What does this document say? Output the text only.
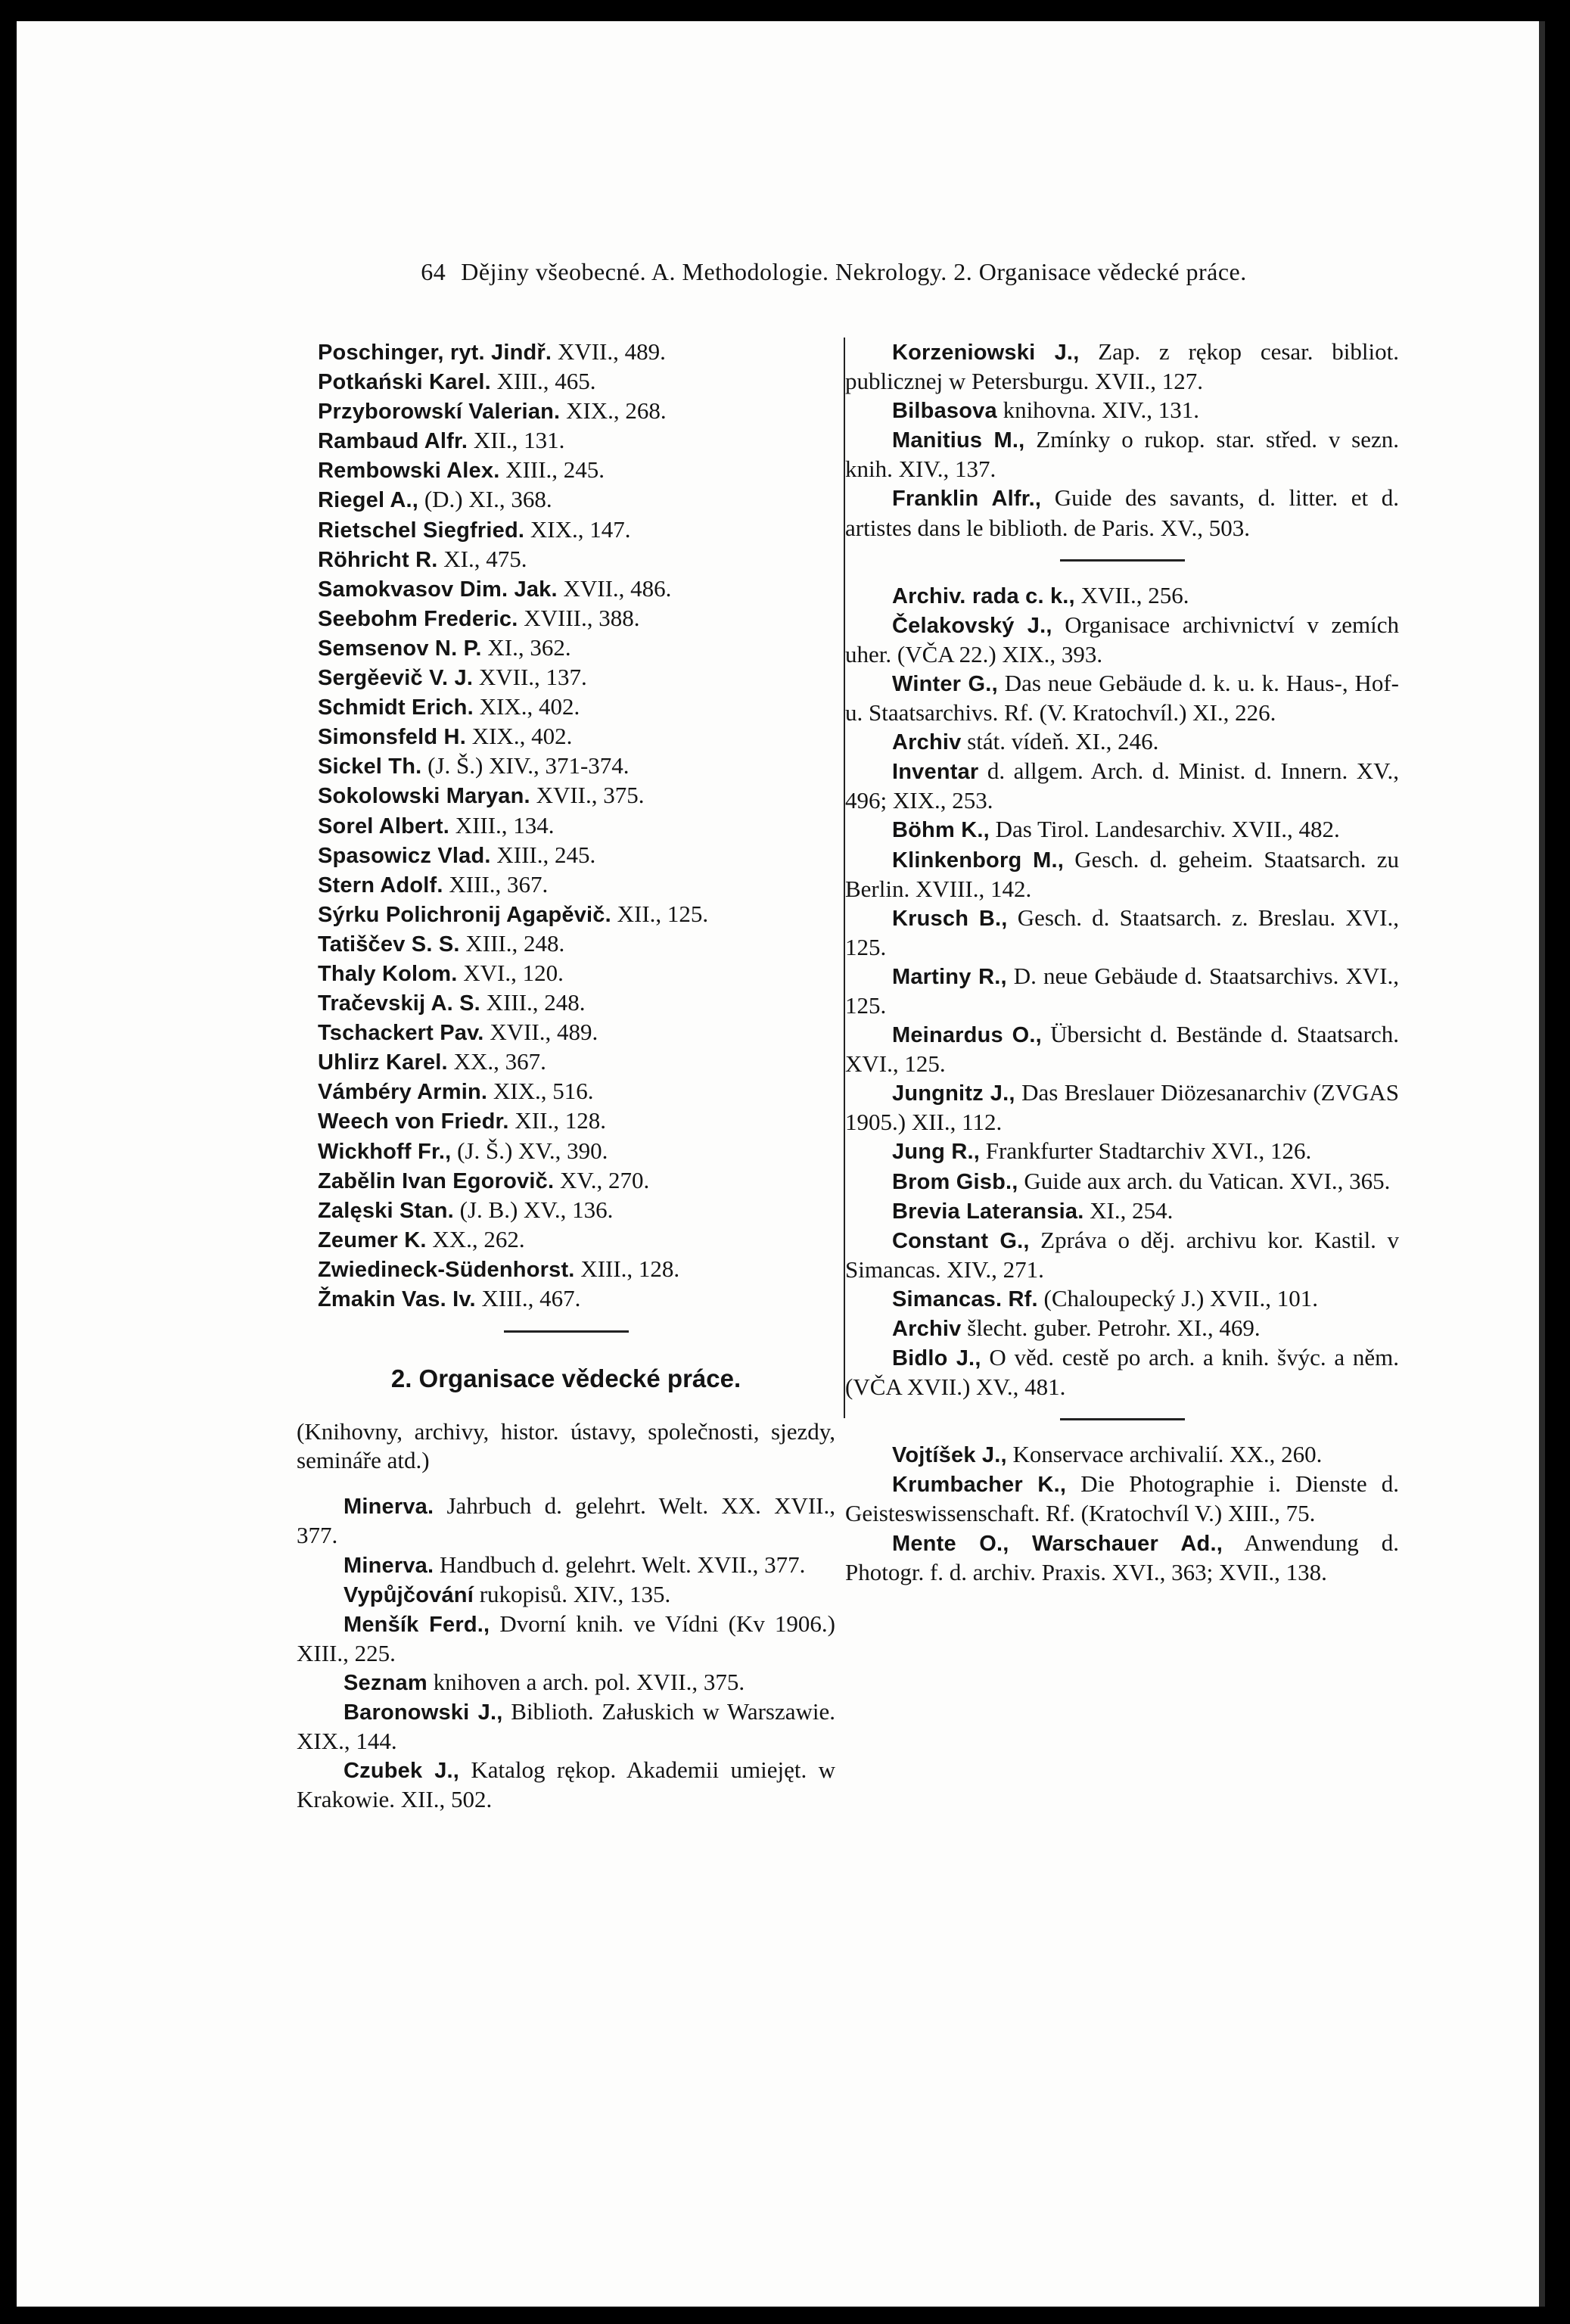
64 Dějiny všeobecné. A. Methodologie. Nekrology. 2. Organisace vědecké práce.

Poschinger, ryt. Jindř. XVII., 489.

Potkański Karel. XIII., 465.

Przyborowskí Valerian. XIX., 268.

Rambaud Alfr. XII., 131.

Rembowski Alex. XIII., 245.

Riegel A., (D.) XI., 368.

Rietschel Siegfried. XIX., 147.

Röhricht R. XI., 475.

Samokvasov Dim. Jak. XVII., 486.

Seebohm Frederic. XVIII., 388.

Semsenov N. P. XI., 362.

Sergěevič V. J. XVII., 137.

Schmidt Erich. XIX., 402.

Simonsfeld H. XIX., 402.

Sickel Th. (J. Š.) XIV., 371-374.

Sokolowski Maryan. XVII., 375.

Sorel Albert. XIII., 134.

Spasowicz Vlad. XIII., 245.

Stern Adolf. XIII., 367.

Sýrku Polichronij Agapěvič. XII., 125.

Tatiščev S. S. XIII., 248.

Thaly Kolom. XVI., 120.

Tračevskij A. S. XIII., 248.

Tschackert Pav. XVII., 489.

Uhlirz Karel. XX., 367.

Vámbéry Armin. XIX., 516.

Weech von Friedr. XII., 128.

Wickhoff Fr., (J. Š.) XV., 390.

Zabělin Ivan Egorovič. XV., 270.

Zalęski Stan. (J. B.) XV., 136.

Zeumer K. XX., 262.

Zwiedineck-Südenhorst. XIII., 128.

Žmakin Vas. Iv. XIII., 467.

2. Organisace vědecké práce.

(Knihovny, archivy, histor. ústavy, společnosti, sjezdy, semináře atd.)

Minerva. Jahrbuch d. gelehrt. Welt. XX. XVII., 377.

Minerva. Handbuch d. gelehrt. Welt. XVII., 377.

Vypůjčování rukopisů. XIV., 135.

Menšík Ferd., Dvorní knih. ve Vídni (Kv 1906.) XIII., 225.

Seznam knihoven a arch. pol. XVII., 375.

Baronowski J., Biblioth. Załuskich w Warszawie. XIX., 144.

Czubek J., Katalog rękop. Akademii umiejęt. w Krakowie. XII., 502.

Korzeniowski J., Zap. z rękop cesar. bibliot. publicznej w Petersburgu. XVII., 127.

Bilbasova knihovna. XIV., 131.

Manitius M., Zmínky o rukop. star. střed. v sezn. knih. XIV., 137.

Franklin Alfr., Guide des savants, d. litter. et d. artistes dans le biblioth. de Paris. XV., 503.

Archiv. rada c. k., XVII., 256.

Čelakovský J., Organisace archivnictví v zemích uher. (VČA 22.) XIX., 393.

Winter G., Das neue Gebäude d. k. u. k. Haus-, Hof- u. Staatsarchivs. Rf. (V. Kratochvíl.) XI., 226.

Archiv stát. vídeň. XI., 246.

Inventar d. allgem. Arch. d. Minist. d. Innern. XV., 496; XIX., 253.

Böhm K., Das Tirol. Landesarchiv. XVII., 482.

Klinkenborg M., Gesch. d. geheim. Staatsarch. zu Berlin. XVIII., 142.

Krusch B., Gesch. d. Staatsarch. z. Breslau. XVI., 125.

Martiny R., D. neue Gebäude d. Staatsarchivs. XVI., 125.

Meinardus O., Übersicht d. Bestände d. Staatsarch. XVI., 125.

Jungnitz J., Das Breslauer Diözesanarchiv (ZVGAS 1905.) XII., 112.

Jung R., Frankfurter Stadtarchiv XVI., 126.

Brom Gisb., Guide aux arch. du Vatican. XVI., 365.

Brevia Lateransia. XI., 254.

Constant G., Zpráva o děj. archivu kor. Kastil. v Simancas. XIV., 271.

Simancas. Rf. (Chaloupecký J.) XVII., 101.

Archiv šlecht. guber. Petrohr. XI., 469.

Bidlo J., O věd. cestě po arch. a knih. švýc. a něm. (VČA XVII.) XV., 481.

Vojtíšek J., Konservace archivalií. XX., 260.

Krumbacher K., Die Photographie i. Dienste d. Geisteswissenschaft. Rf. (Kratochvíl V.) XIII., 75.

Mente O., Warschauer Ad., Anwendung d. Photogr. f. d. archiv. Praxis. XVI., 363; XVII., 138.
